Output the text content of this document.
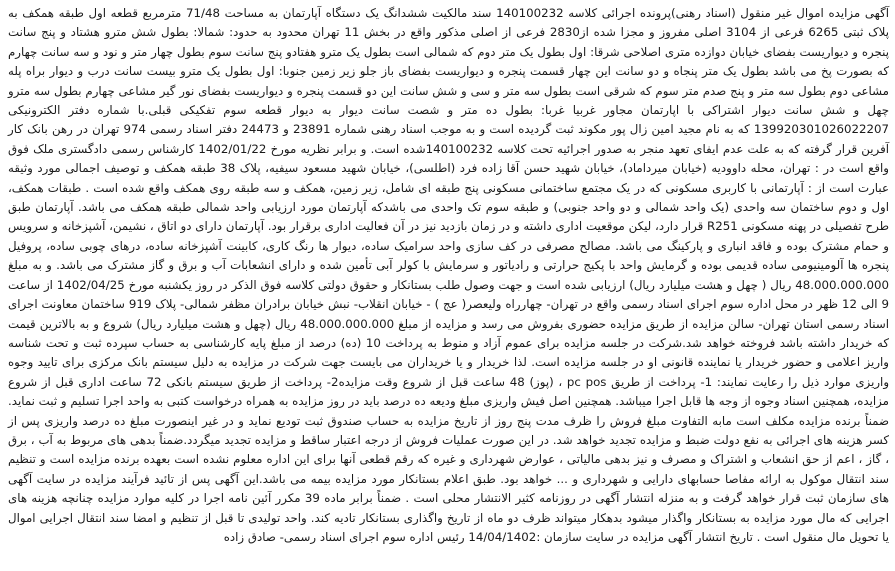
آگهی مزایده اموال غیر منقول (اسناد رهنی)پرونده اجرائی کلاسه 140100232 سند مالکیت ششدانگ یک دستگاه آپارتمان به مساحت 71/48 مترمربع قطعه اول طبقه همکف به پلاک ثبتی 6265 فرعی از 3104 اصلی مفروز و مجزا شده از2830 فرعی از اصلی مذکور واقع در بخش 11 تهران محدود به حدود: شمالا: بطول شش مترو هشتاد و پنج سانت پنجره و دیواریست بفضای خیابان دوازده متری اصلاحی شرقا: اول بطول یک متر دوم که شمالی است بطول یک مترو هفتادو پنج سانت سوم بطول چهار متر و نود و سه سانت چهارم که بصورت پخ می باشد بطول یک متر پنجاه و دو سانت این چهار قسمت پنجره و دیواریست بفضای باز جلو زیر زمین جنوبا: اول بطول یک مترو بیست سانت درب و دیوار براه پله مشاعی دوم بطول سه متر و پنج صدم متر سوم که شرقی است بطول سه متر و سی و شش سانت این دو قسمت پنجره و دیواریست بفضای نور گیر مشاعی چهارم بطول سه مترو چهل و شش سانت دیوار اشتراکی با اپارتمان مجاور غربیا غربا: بطول ده متر و شصت سانت دیوار به دیوار قطعه سوم تفکیکی قبلی.با شماره دفتر الکترونیکی 139920301026022207 که به نام مجید امین زال پور مکوند ثبت گردیده است و به موجب اسناد رهنی شماره 23891 و 24473 دفتر اسناد رسمی 974 تهران در رهن بانک کار آفرین قرار گرفته که به علت عدم ایفای تعهد منجر به صدور اجرائیه تحت کلاسه 140100232شده است. و برابر نظریه مورخ 1402/01/22 کارشناس رسمی دادگستری ملک فوق واقع است در : تهران، محله داوودیه (خیابان میرداماد)، خیابان شهید حسن آقا زاده فرد (اطلسی)، خیابان شهید مسعود سیفیه، پلاک 38 طبقه همکف و توصیف اجمالی مورد وثیقه عبارت است از : آپارتمانی با کاربری مسکونی که در یک مجتمع ساختمانی مسکونی پنج طبقه ای شامل، زیر زمین، همکف و سه طبقه روی همکف واقع شده است . طبقات همکف، اول و دوم ساختمان سه واحدی (یک واحد شمالی و دو واحد جنوبی) و طبقه سوم تک واحدی می باشدکه آپارتمان مورد ارزیابی واحد شمالی طبقه همکف می باشد. آپارتمان طبق طرح تفصیلی در پهنه مسکونی R251 قرار دارد، لیکن موقعیت اداری داشته و در زمان بازدید نیز در آن فعالیت اداری برقرار بود. آپارتمان دارای دو اتاق ، نشیمن، آشپزخانه و سرویس و حمام مشترک بوده و فاقد انباری و پارکینگ می باشد. مصالح مصرفی در کف سازی واحد سرامیک ساده، دیوار ها رنگ کاری، کابینت آشپزخانه ساده، درهای چوبی ساده، پروفیل پنجره ها آلومینیومی ساده قدیمی بوده و گرمایش واحد با پکیج حرارتی و رادیاتور و سرمایش با کولر آبی تأمین شده و دارای انشعابات آب و برق و گاز مشترک می باشد. و به مبلغ 48.000.000.000 ریال ( چهل و هشت میلیارد ریال) ارزیابی شده است و جهت وصول طلب بستانکار و حقوق دولتی کلاسه فوق الذکر در روز یکشنبه مورخ 1402/04/25 از ساعت 9 الی 12 ظهر در محل اداره سوم اجرای اسناد رسمی واقع در تهران- چهارراه ولیعصر( عج ) - خیابان انقلاب- نبش خیابان برادران مظفر شمالی- پلاک 919 ساختمان معاونت اجرای اسناد رسمی استان تهران- سالن مزایده از طریق مزایده حضوری بفروش می رسد و مزایده از مبلغ 48.000.000.000 ریال (چهل و هشت میلیارد ریال) شروع و به بالاترین قیمت که خریدار داشته باشد فروخته خواهد شد.شرکت در جلسه مزایده برای عموم آزاد و منوط به پرداخت 10 (ده) درصد از مبلغ پایه کارشناسی به حساب سپرده ثبت و تحت شناسه واریز اعلامی و حضور خریدار یا نماینده قانونی او در جلسه مزایده است. لذا خریدار و یا خریداران می بایست جهت شرکت در مزایده به دلیل سیستم بانک مرکزی برای تایید وجوه واریزی موارد ذیل را رعایت نمایند: 1- پرداخت از طریق pc pos ، (پوز) 48 ساعت قبل از شروع وقت مزایده2- پرداخت از طریق سیستم بانکی 72 ساعت اداری قبل از شروع مزایده، همچنین اسناد وجوه از وجه ها قابل اجرا میباشد. همچنین اصل فیش واریزی مبلغ ودیعه ده درصد باید در روز مزایده به همراه درخواست کتبی به واحد اجرا تسلیم و ثبت نماید. ضمناً برنده مزایده مکلف است مابه التفاوت مبلغ فروش را ظرف مدت پنج روز از تاریخ مزایده به حساب صندوق ثبت تودیع نماید و در غیر اینصورت مبلغ ده درصد واریزی پس از کسر هزینه های اجرائی به نفع دولت ضبط و مزایده تجدید خواهد شد. در این صورت عملیات فروش از درجه اعتبار ساقط و مزایده تجدید میگردد.ضمناً بدهی های مربوط به آب ، برق ، گاز ، اعم از حق انشعاب و اشتراک و مصرف و نیز بدهی مالیاتی ، عوارض شهرداری و غیره که رقم قطعی آنها برای این اداره معلوم نشده است بعهده برنده مزایده است و تنظیم سند انتقال موکول به ارائه مفاصا حسابهای دارایی و شهرداری و ... خواهد بود. طبق اعلام بستانکار مورد مزایده بیمه می باشد.این آگهی پس از تائید فرآیند مزایده در سایت آگهی های سازمان ثبت قرار خواهد گرفت و به منزله انتشار آگهی در روزنامه کثیر الانتشار محلی است . ضمناً برابر ماده 39 مکرر آئین نامه اجرا در کلیه موارد مزایده چنانچه هزینه های اجرایی که مال مورد مزایده به بستانکار واگذار میشود بدهکار میتواند ظرف دو ماه از تاریخ واگذاری بستانکار تادیه کند. واحد تولیدی تا قبل از تنظیم و امضا سند انتقال اجرایی اموال یا تحویل مال منقول است . تاریخ انتشار آگهی مزایده در سایت سازمان :14/04/1402 رئیس اداره سوم اجرای اسناد رسمی- صادق زاده
